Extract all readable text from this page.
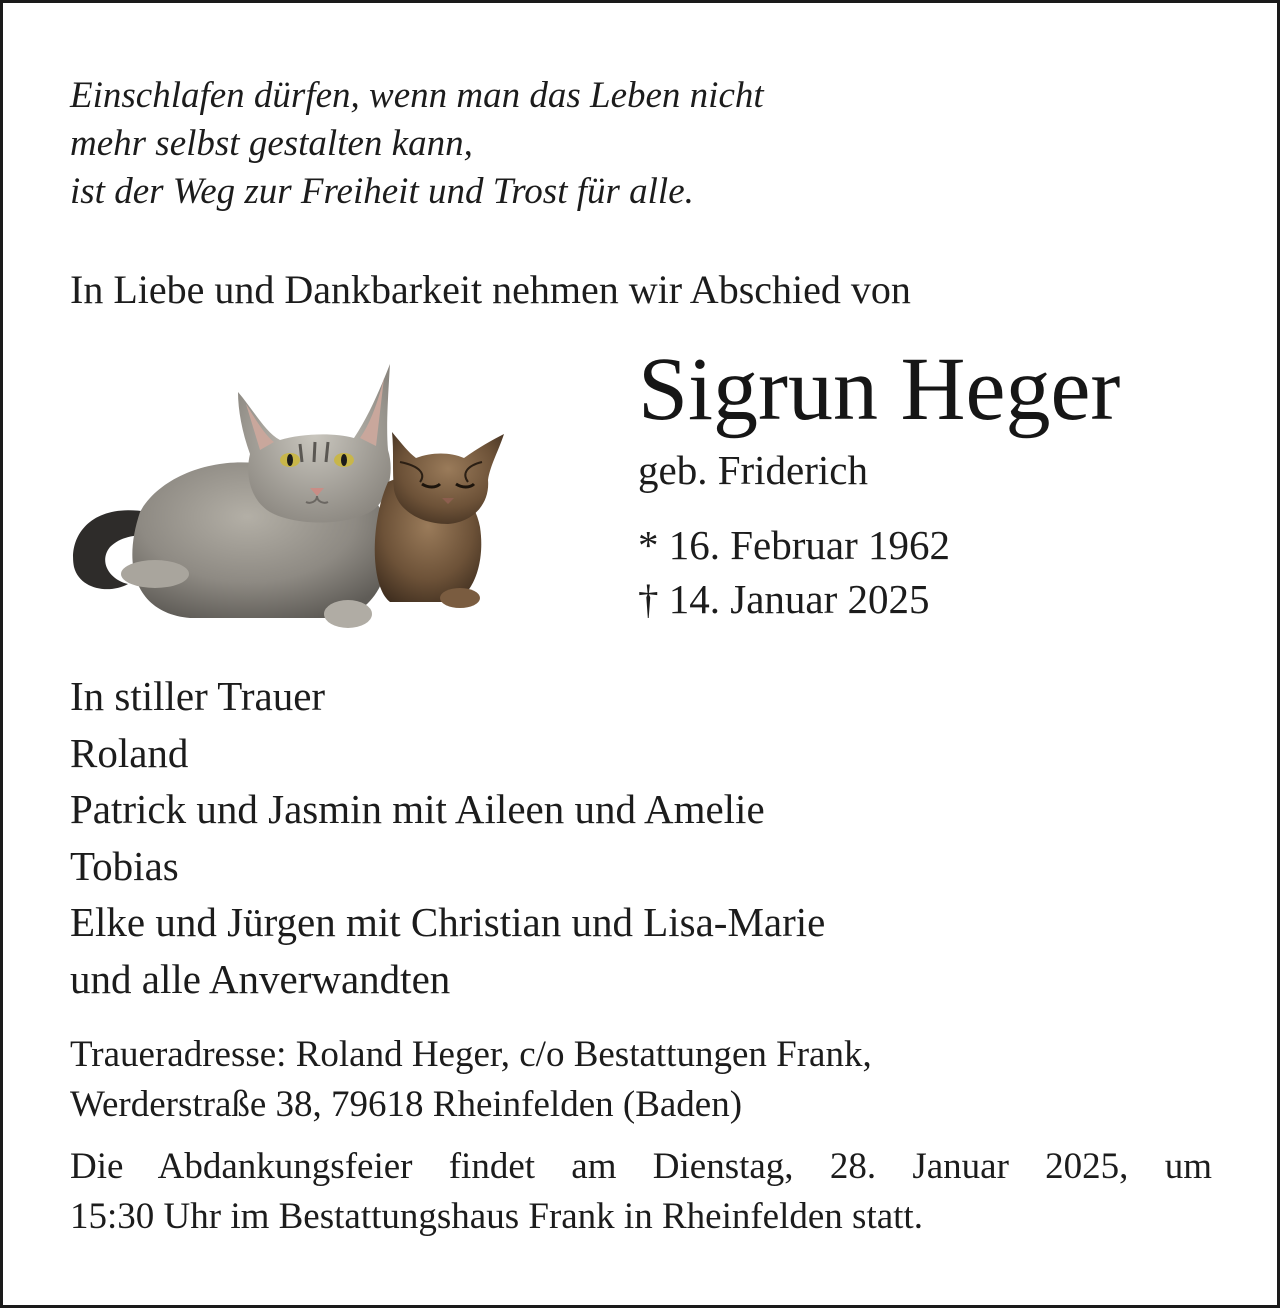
Einschlafen dürfen, wenn man das Leben nicht
mehr selbst gestalten kann,
ist der Weg zur Freiheit und Trost für alle.
In Liebe und Dankbarkeit nehmen wir Abschied von
Sigrun Heger
geb. Friderich
* 16. Februar 1962
† 14. Januar 2025
In stiller Trauer
Roland
Patrick und Jasmin mit Aileen und Amelie
Tobias
Elke und Jürgen mit Christian und Lisa-Marie
und alle Anverwandten
Traueradresse: Roland Heger, c/o Bestattungen Frank,
Werderstraße 38, 79618 Rheinfelden (Baden)
Die Abdankungsfeier findet am Dienstag, 28. Januar 2025, um
15:30 Uhr im Bestattungshaus Frank in Rheinfelden statt.
